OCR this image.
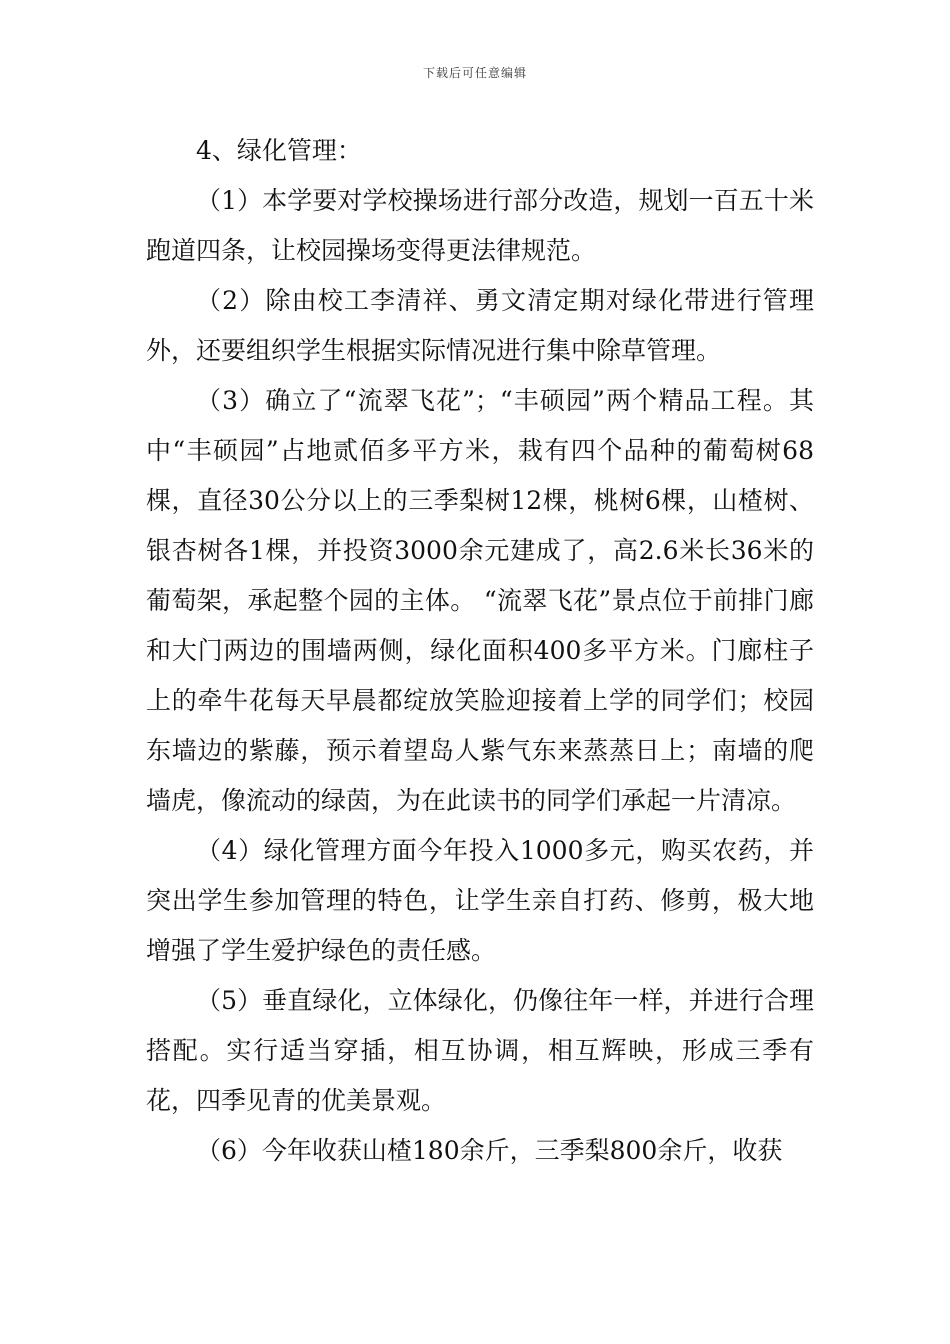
下载后可任意编辑

4、绿化管理：

（1）本学要对学校操场进行部分改造，规划一百五十米跑道四条，让校园操场变得更法律规范。

（2）除由校工李清祥、勇文清定期对绿化带进行管理外，还要组织学生根据实际情况进行集中除草管理。

（3）确立了“流翠飞花”；“丰硕园”两个精品工程。其中“丰硕园”占地贰佰多平方米，栽有四个品种的葡萄树68棵，直径30公分以上的三季梨树12棵，桃树6棵，山楂树、银杏树各1棵，并投资3000余元建成了，高2.6米长36米的葡萄架，承起整个园的主体。 “流翠飞花”景点位于前排门廊和大门两边的围墙两侧，绿化面积400多平方米。门廊柱子上的牵牛花每天早晨都绽放笑脸迎接着上学的同学们；校园东墙边的紫藤，预示着望岛人紫气东来蒸蒸日上；南墙的爬墙虎，像流动的绿茵，为在此读书的同学们承起一片清凉。

（4）绿化管理方面今年投入1000多元，购买农药，并突出学生参加管理的特色，让学生亲自打药、修剪，极大地增强了学生爱护绿色的责任感。

（5）垂直绿化，立体绿化，仍像往年一样，并进行合理搭配。实行适当穿插，相互协调，相互辉映，形成三季有花，四季见青的优美景观。

（6）今年收获山楂180余斤，三季梨800余斤，收获
